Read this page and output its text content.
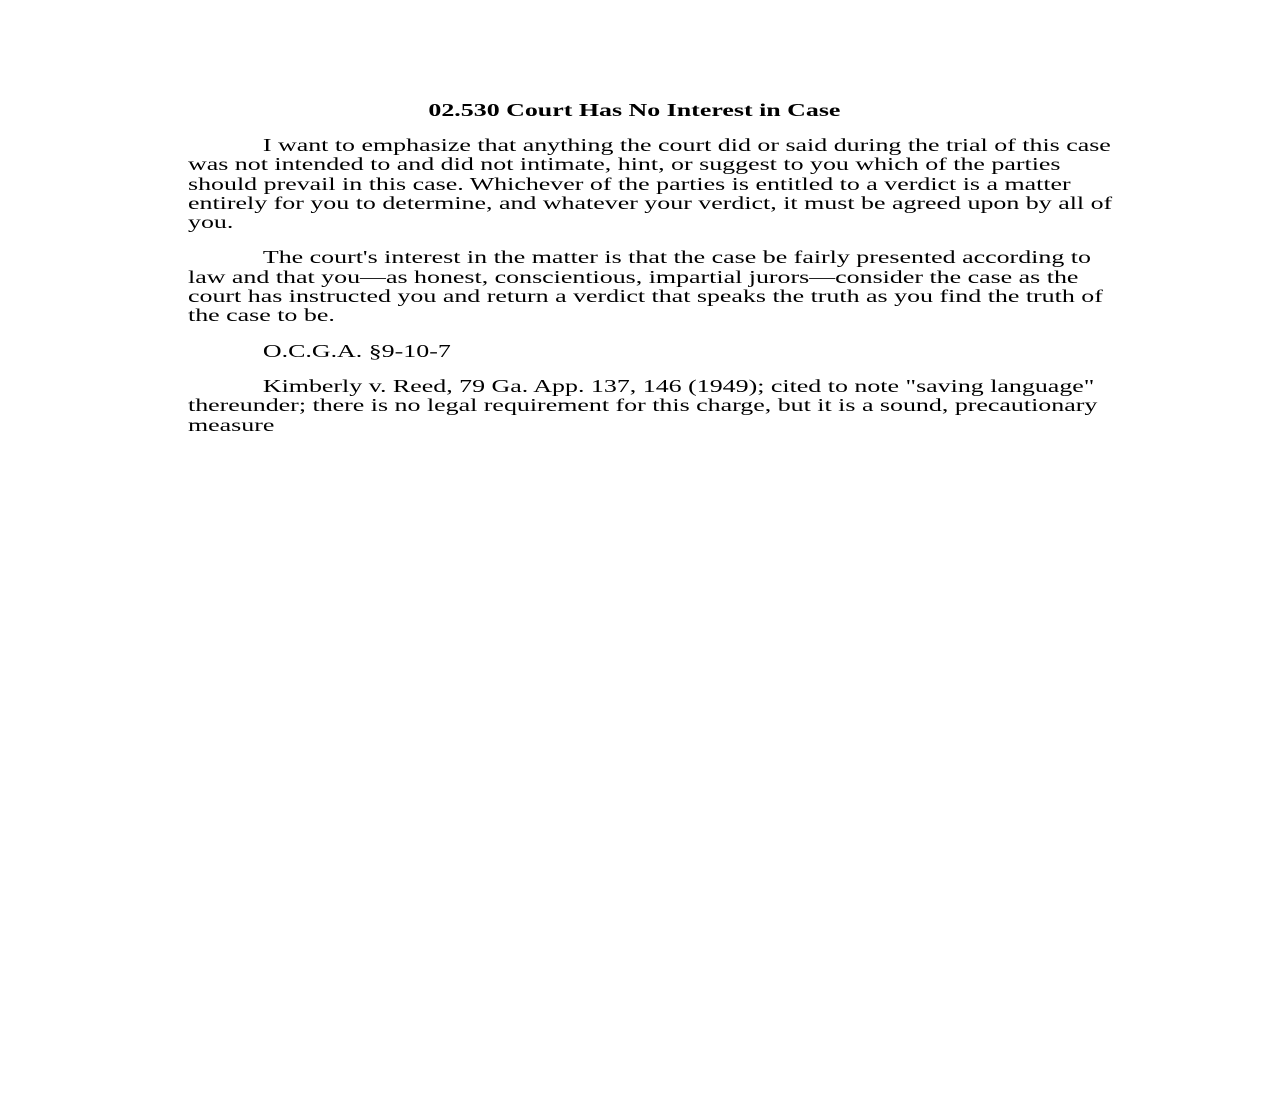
02.530 Court Has No Interest in Case
I want to emphasize that anything the court did or said during the trial of this case
was not intended to and did not intimate, hint, or suggest to you which of the parties
should prevail in this case. Whichever of the parties is entitled to a verdict is a matter
entirely for you to determine, and whatever your verdict, it must be agreed upon by all of
you.
The court's interest in the matter is that the case be fairly presented according to
law and that you—as honest, conscientious, impartial jurors—consider the case as the
court has instructed you and return a verdict that speaks the truth as you find the truth of
the case to be.
O.C.G.A. §9-10-7
Kimberly v. Reed, 79 Ga. App. 137, 146 (1949); cited to note "saving language"
thereunder; there is no legal requirement for this charge, but it is a sound, precautionary
measure
